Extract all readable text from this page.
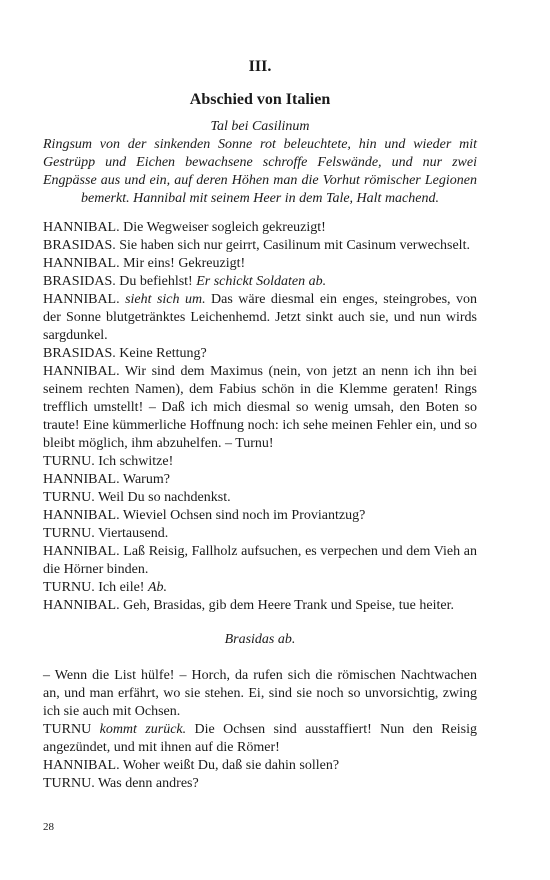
III.
Abschied von Italien
Tal bei Casilinum
Ringsum von der sinkenden Sonne rot beleuchtete, hin und wieder mit Gestrüpp und Eichen bewachsene schroffe Felswände, und nur zwei Engpässe aus und ein, auf deren Höhen man die Vorhut römischer Legionen bemerkt. Hannibal mit seinem Heer in dem Tale, Halt machend.
HANNIBAL. Die Wegweiser sogleich gekreuzigt!
BRASIDAS. Sie haben sich nur geirrt, Casilinum mit Casinum verwechselt.
HANNIBAL. Mir eins! Gekreuzigt!
BRASIDAS. Du befiehlst! Er schickt Soldaten ab.
HANNIBAL. sieht sich um. Das wäre diesmal ein enges, steingrobes, von der Sonne blutgetränktes Leichenhemd. Jetzt sinkt auch sie, und nun wirds sargdunkel.
BRASIDAS. Keine Rettung?
HANNIBAL. Wir sind dem Maximus (nein, von jetzt an nenn ich ihn bei seinem rechten Namen), dem Fabius schön in die Klemme geraten! Rings trefflich umstellt! – Daß ich mich diesmal so wenig umsah, den Boten so traute! Eine kümmerliche Hoffnung noch: ich sehe meinen Fehler ein, und so bleibt möglich, ihm abzuhelfen. – Turnu!
TURNU. Ich schwitze!
HANNIBAL. Warum?
TURNU. Weil Du so nachdenkst.
HANNIBAL. Wieviel Ochsen sind noch im Proviantzug?
TURNU. Viertausend.
HANNIBAL. Laß Reisig, Fallholz aufsuchen, es verpechen und dem Vieh an die Hörner binden.
TURNU. Ich eile! Ab.
HANNIBAL. Geh, Brasidas, gib dem Heere Trank und Speise, tue heiter.
Brasidas ab.
– Wenn die List hülfe! – Horch, da rufen sich die römischen Nachtwachen an, und man erfährt, wo sie stehen. Ei, sind sie noch so unvorsichtig, zwing ich sie auch mit Ochsen.
TURNU kommt zurück. Die Ochsen sind ausstaffiert! Nun den Reisig angezündet, und mit ihnen auf die Römer!
HANNIBAL. Woher weißt Du, daß sie dahin sollen?
TURNU. Was denn andres?
28
